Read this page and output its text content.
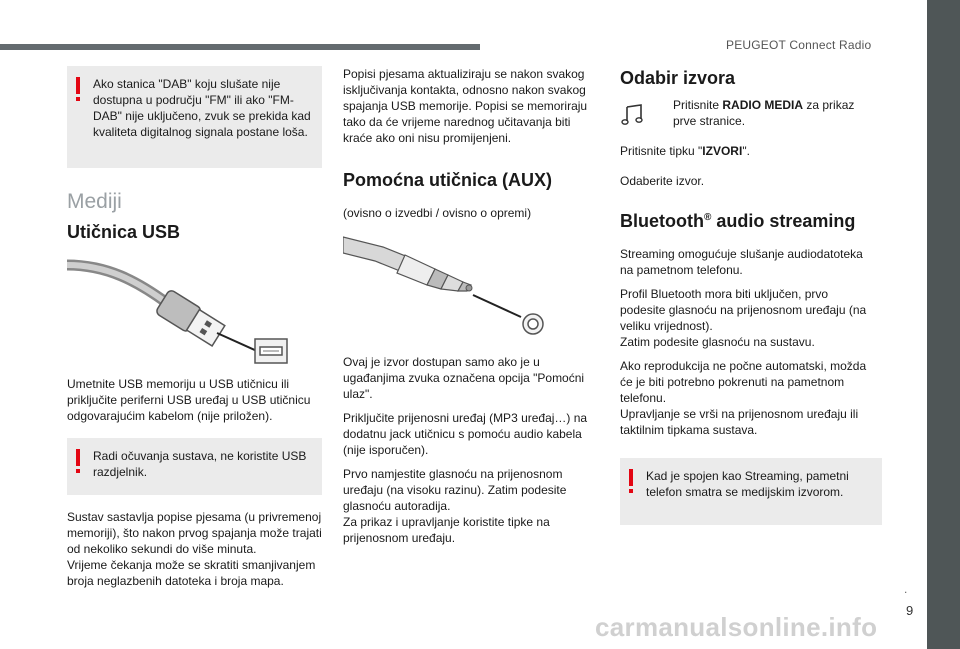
PEUGEOT Connect Radio
.
9
carmanualsonline.info
Ako stanica "DAB" koju slušate nije dostupna u području "FM" ili ako "FM-DAB" nije uključeno, zvuk se prekida kad kvaliteta digitalnog signala postane loša.
Mediji
Utičnica USB

Umetnite USB memoriju u USB utičnicu ili priključite periferni USB uređaj u USB utičnicu odgovarajućim kabelom (nije priložen).

Radi očuvanja sustava, ne koristite USB razdjelnik.

Sustav sastavlja popise pjesama (u privremenoj memoriji), što nakon prvog spajanja može trajati od nekoliko sekundi do više minuta.
Vrijeme čekanja može se skratiti smanjivanjem broja neglazbenih datoteka i broja mapa.

Popisi pjesama aktualiziraju se nakon svakog isključivanja kontakta, odnosno nakon svakog spajanja USB memorije. Popisi se memoriraju tako da će vrijeme narednog učitavanja biti kraće ako oni nisu promijenjeni.

Pomoćna utičnica (AUX)

(ovisno o izvedbi / ovisno o opremi)

Ovaj je izvor dostupan samo ako je u ugađanjima zvuka označena opcija "Pomoćni ulaz".

Priključite prijenosni uređaj (MP3 uređaj…) na dodatnu jack utičnicu s pomoću audio kabela (nije isporučen).

Prvo namjestite glasnoću na prijenosnom uređaju (na visoku razinu). Zatim podesite glasnoću autoradija.
Za prikaz i upravljanje koristite tipke na prijenosnom uređaju.

Odabir izvora

Pritisnite RADIO MEDIA za prikaz prve stranice.

Pritisnite tipku "IZVORI".

Odaberite izvor.

Bluetooth® audio streaming

Streaming omogućuje slušanje audiodatoteka na pametnom telefonu.

Profil Bluetooth mora biti uključen, prvo podesite glasnoću na prijenosnom uređaju (na veliku vrijednost).
Zatim podesite glasnoću na sustavu.

Ako reprodukcija ne počne automatski, možda će je biti potrebno pokrenuti na pametnom telefonu.
Upravljanje se vrši na prijenosnom uređaju ili taktilnim tipkama sustava.

Kad je spojen kao Streaming, pametni telefon smatra se medijskim izvorom.
